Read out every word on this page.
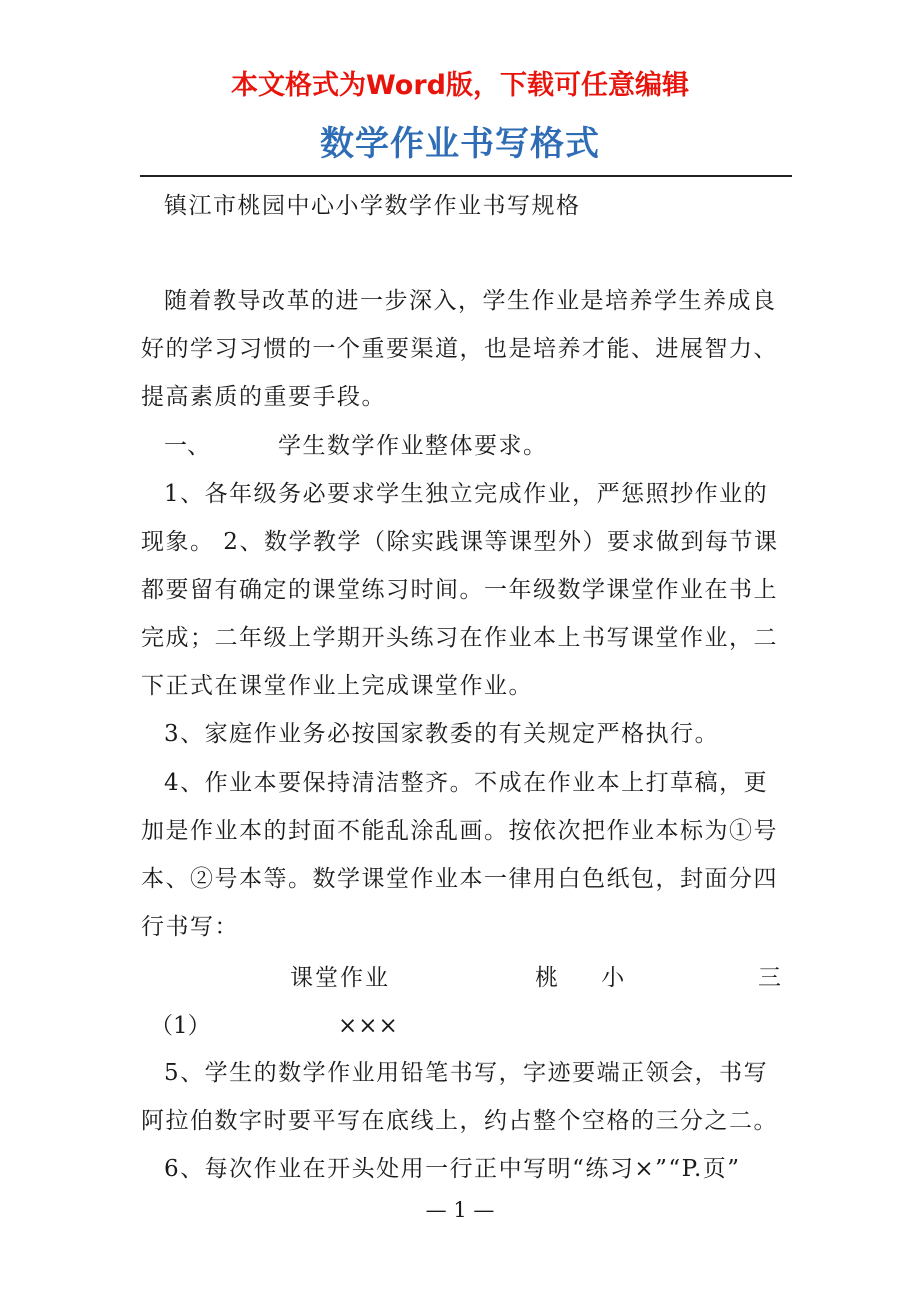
本文格式为Word版，下载可任意编辑
数学作业书写格式
镇江市桃园中心小学数学作业书写规格
随着教导改革的进一步深入，学生作业是培养学生养成良
好的学习习惯的一个重要渠道，也是培养才能、进展智力、
提高素质的重要手段。
一、	学生数学作业整体要求。
1、各年级务必要求学生独立完成作业，严惩照抄作业的
现象。 2、数学教学（除实践课等课型外）要求做到每节课
都要留有确定的课堂练习时间。一年级数学课堂作业在书上
完成；二年级上学期开头练习在作业本上书写课堂作业，二
下正式在课堂作业上完成课堂作业。
3、家庭作业务必按国家教委的有关规定严格执行。
4、作业本要保持清洁整齐。不成在作业本上打草稿，更
加是作业本的封面不能乱涂乱画。按依次把作业本标为①号
本、②号本等。数学课堂作业本一律用白色纸包，封面分四
行书写：
课堂作业	桃 小	三
（1）	×××
5、学生的数学作业用铅笔书写，字迹要端正领会，书写
阿拉伯数字时要平写在底线上，约占整个空格的三分之二。
6、每次作业在开头处用一行正中写明“练习×”“P.页”
— 1 —
